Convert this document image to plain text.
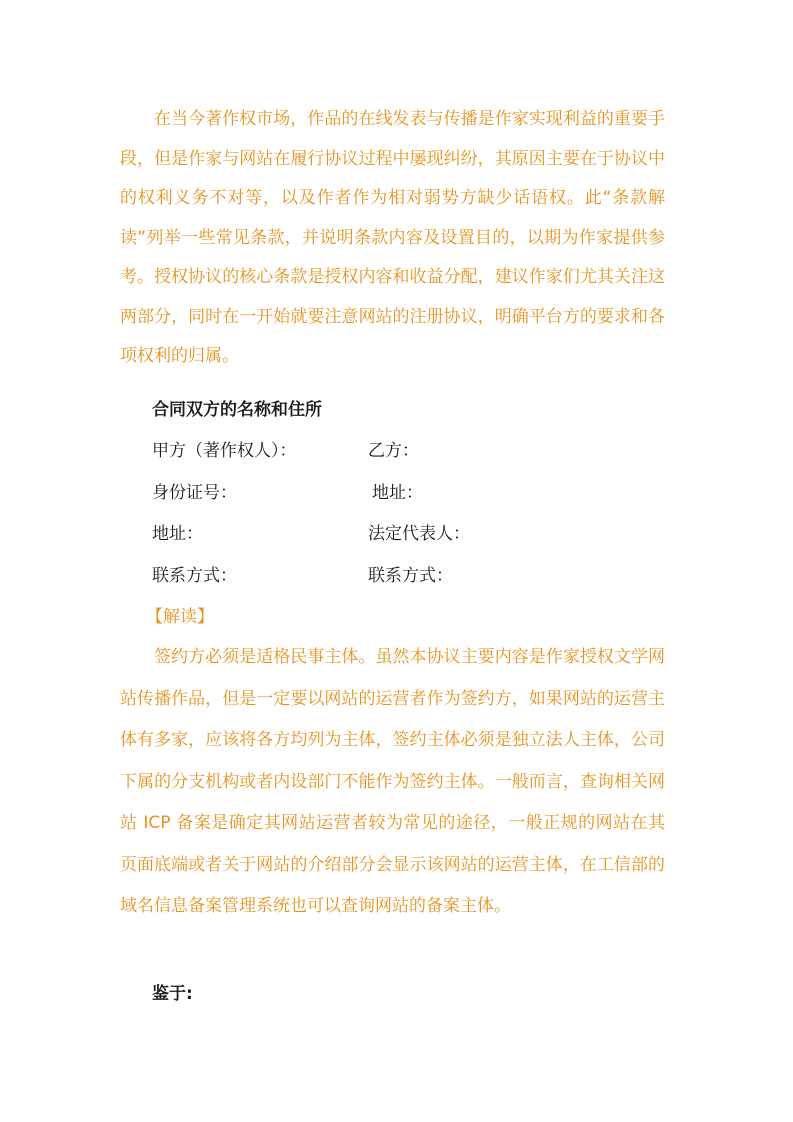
在当今著作权市场，作品的在线发表与传播是作家实现利益的重要手段，但是作家与网站在履行协议过程中屡现纠纷，其原因主要在于协议中的权利义务不对等，以及作者作为相对弱势方缺少话语权。此“条款解读”列举一些常见条款，并说明条款内容及设置目的，以期为作家提供参考。授权协议的核心条款是授权内容和收益分配，建议作家们尤其关注这两部分，同时在一开始就要注意网站的注册协议，明确平台方的要求和各项权利的归属。

合同双方的名称和住所

甲方（著作权人）：	乙方：
身份证号：	地址：
地址：	法定代表人：
联系方式：	联系方式：

【解读】

签约方必须是适格民事主体。虽然本协议主要内容是作家授权文学网站传播作品，但是一定要以网站的运营者作为签约方，如果网站的运营主体有多家，应该将各方均列为主体，签约主体必须是独立法人主体，公司下属的分支机构或者内设部门不能作为签约主体。一般而言，查询相关网站 ICP 备案是确定其网站运营者较为常见的途径，一般正规的网站在其页面底端或者关于网站的介绍部分会显示该网站的运营主体，在工信部的域名信息备案管理系统也可以查询网站的备案主体。

鉴于:
